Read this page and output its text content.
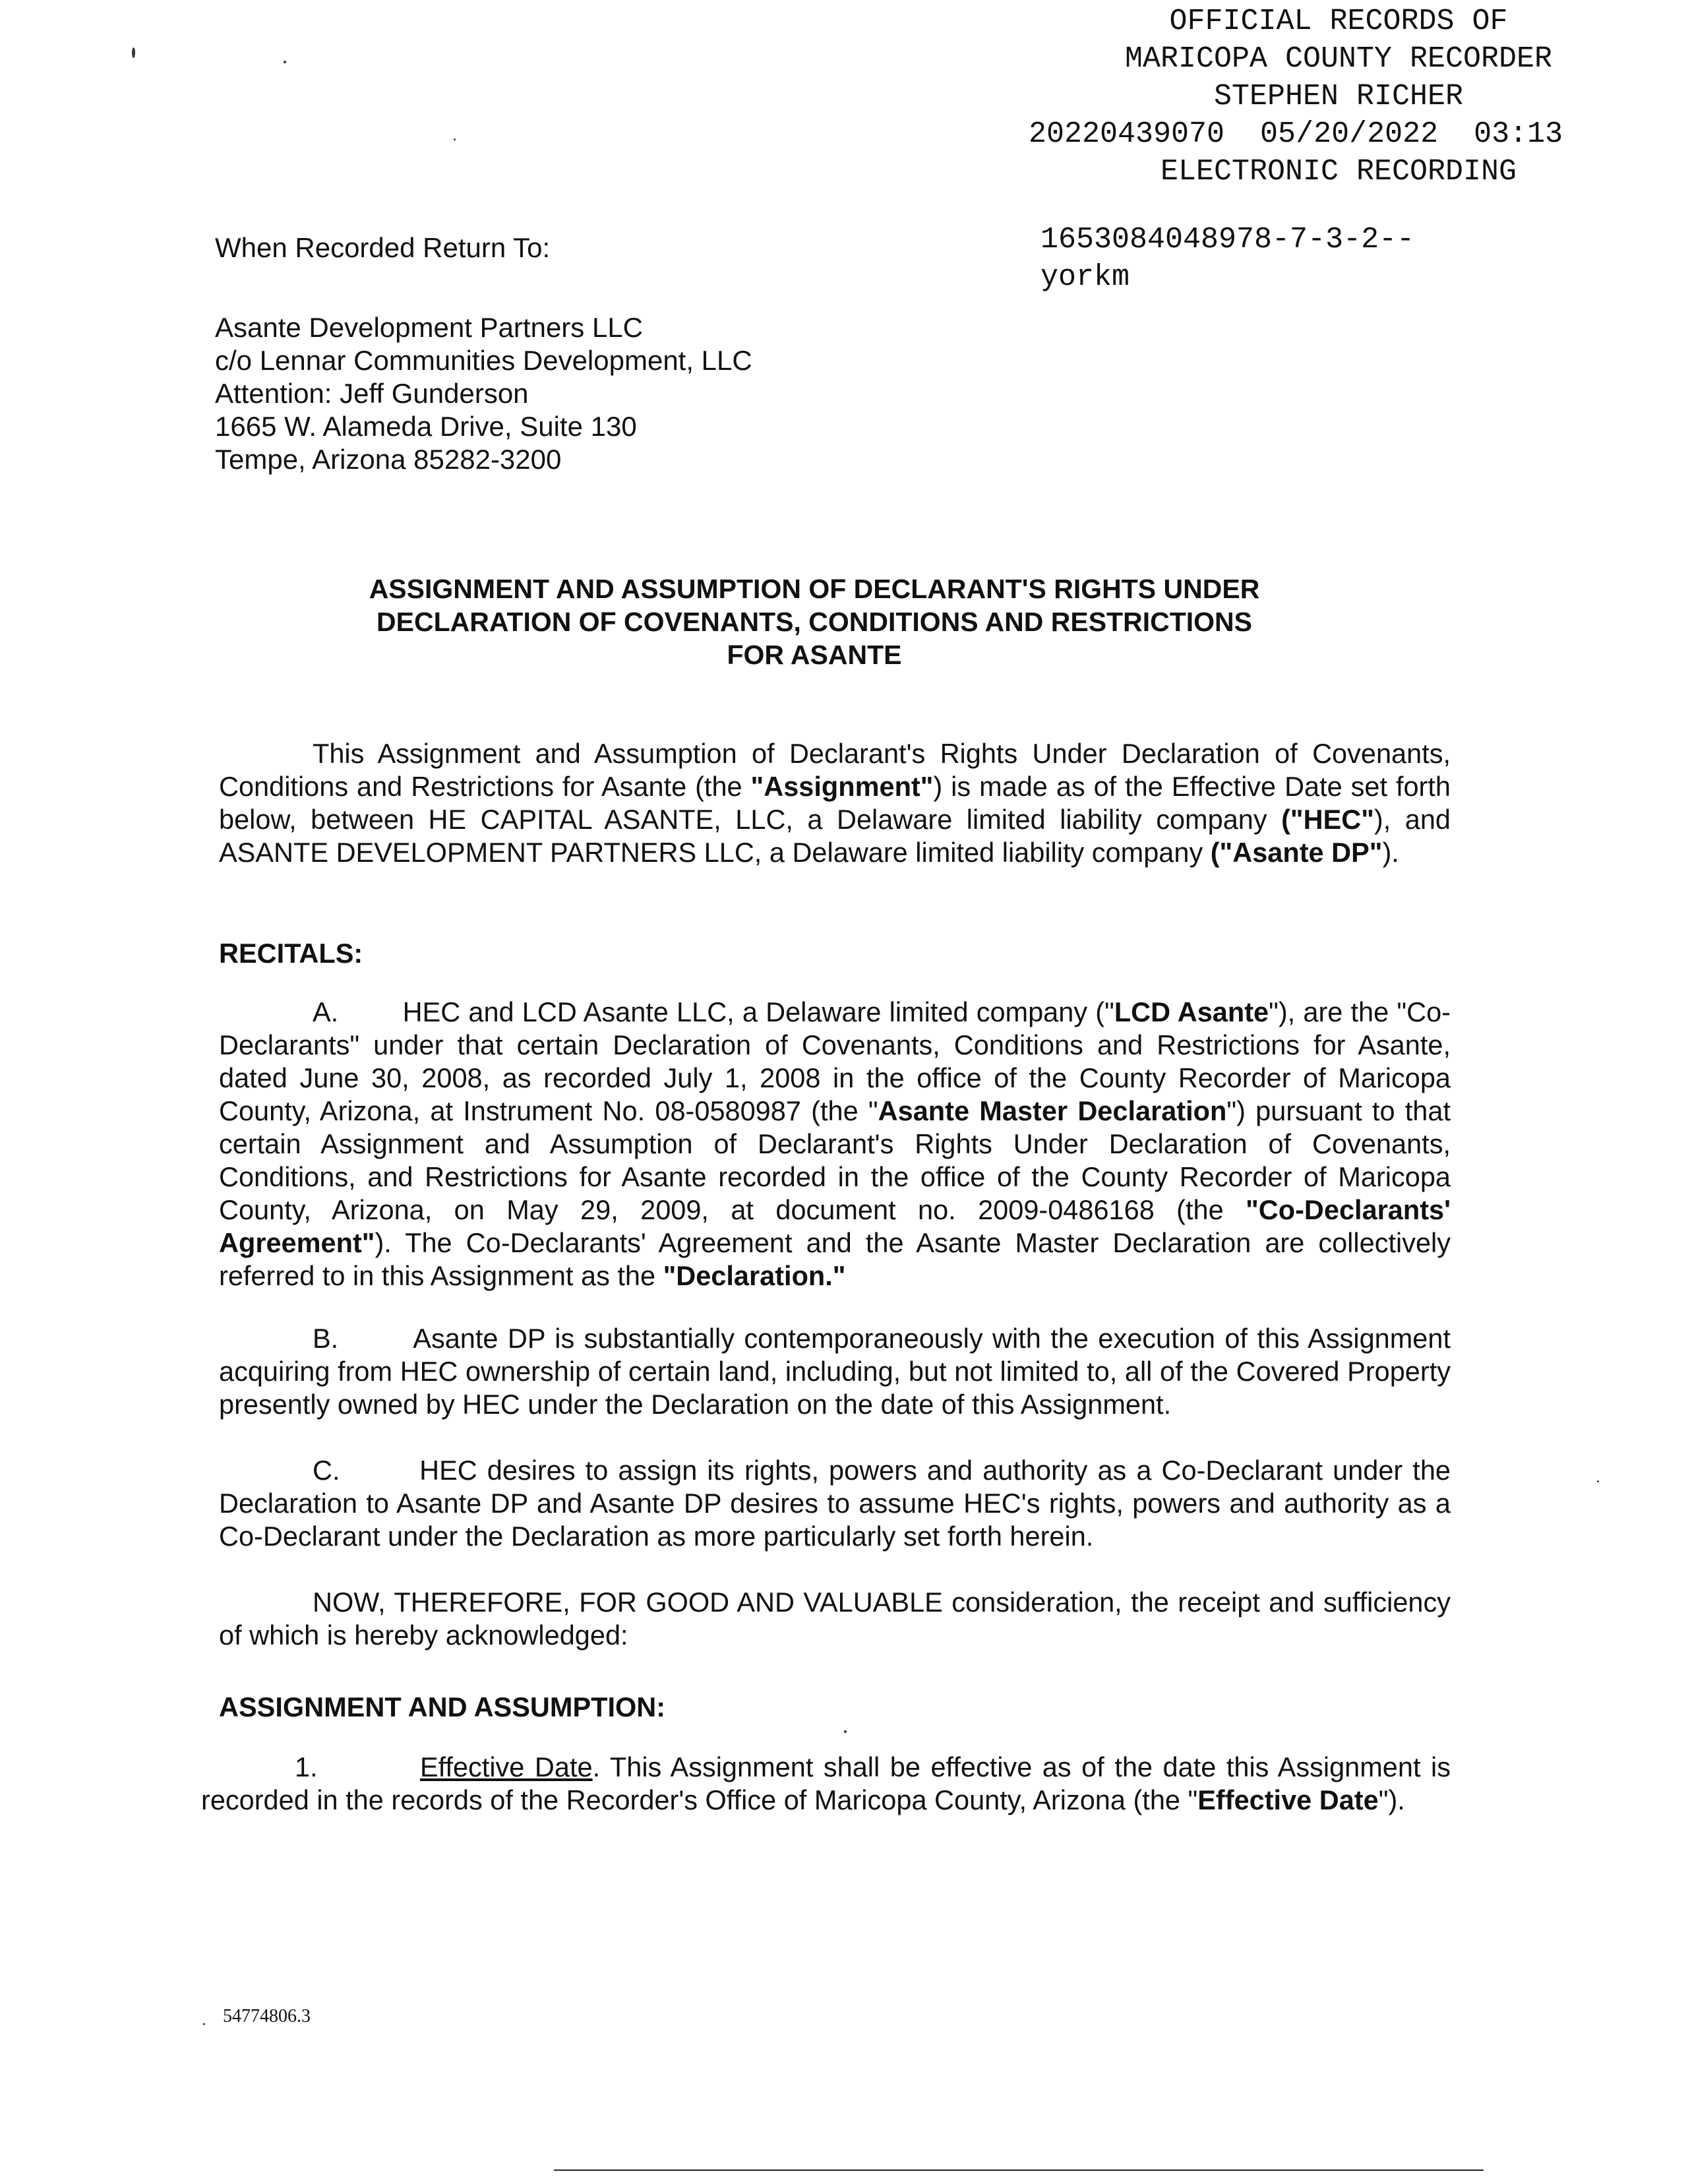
OFFICIAL RECORDS OF
MARICOPA COUNTY RECORDER
STEPHEN RICHER
20220439070  05/20/2022  03:13
ELECTRONIC RECORDING
1653084048978-7-3-2--
yorkm
When Recorded Return To:
Asante Development Partners LLC
c/o Lennar Communities Development, LLC
Attention: Jeff Gunderson
1665 W. Alameda Drive, Suite 130
Tempe, Arizona 85282-3200
ASSIGNMENT AND ASSUMPTION OF DECLARANT'S RIGHTS UNDER
DECLARATION OF COVENANTS, CONDITIONS AND RESTRICTIONS
FOR ASANTE
This Assignment and Assumption of Declarant's Rights Under Declaration of Covenants, Conditions and Restrictions for Asante (the "Assignment") is made as of the Effective Date set forth below, between HE CAPITAL ASANTE, LLC, a Delaware limited liability company ("HEC"), and ASANTE DEVELOPMENT PARTNERS LLC, a Delaware limited liability company ("Asante DP").
RECITALS:
A. HEC and LCD Asante LLC, a Delaware limited company ("LCD Asante"), are the "Co-Declarants" under that certain Declaration of Covenants, Conditions and Restrictions for Asante, dated June 30, 2008, as recorded July 1, 2008 in the office of the County Recorder of Maricopa County, Arizona, at Instrument No. 08-0580987 (the "Asante Master Declaration") pursuant to that certain Assignment and Assumption of Declarant's Rights Under Declaration of Covenants, Conditions, and Restrictions for Asante recorded in the office of the County Recorder of Maricopa County, Arizona, on May 29, 2009, at document no. 2009-0486168 (the "Co-Declarants' Agreement"). The Co-Declarants' Agreement and the Asante Master Declaration are collectively referred to in this Assignment as the "Declaration."
B.	Asante DP is substantially contemporaneously with the execution of this Assignment acquiring from HEC ownership of certain land, including, but not limited to, all of the Covered Property presently owned by HEC under the Declaration on the date of this Assignment.
C.	HEC desires to assign its rights, powers and authority as a Co-Declarant under the Declaration to Asante DP and Asante DP desires to assume HEC's rights, powers and authority as a Co-Declarant under the Declaration as more particularly set forth herein.
NOW, THEREFORE, FOR GOOD AND VALUABLE consideration, the receipt and sufficiency of which is hereby acknowledged:
ASSIGNMENT AND ASSUMPTION:
1.	Effective Date. This Assignment shall be effective as of the date this Assignment is recorded in the records of the Recorder's Office of Maricopa County, Arizona (the "Effective Date").
54774806.3
